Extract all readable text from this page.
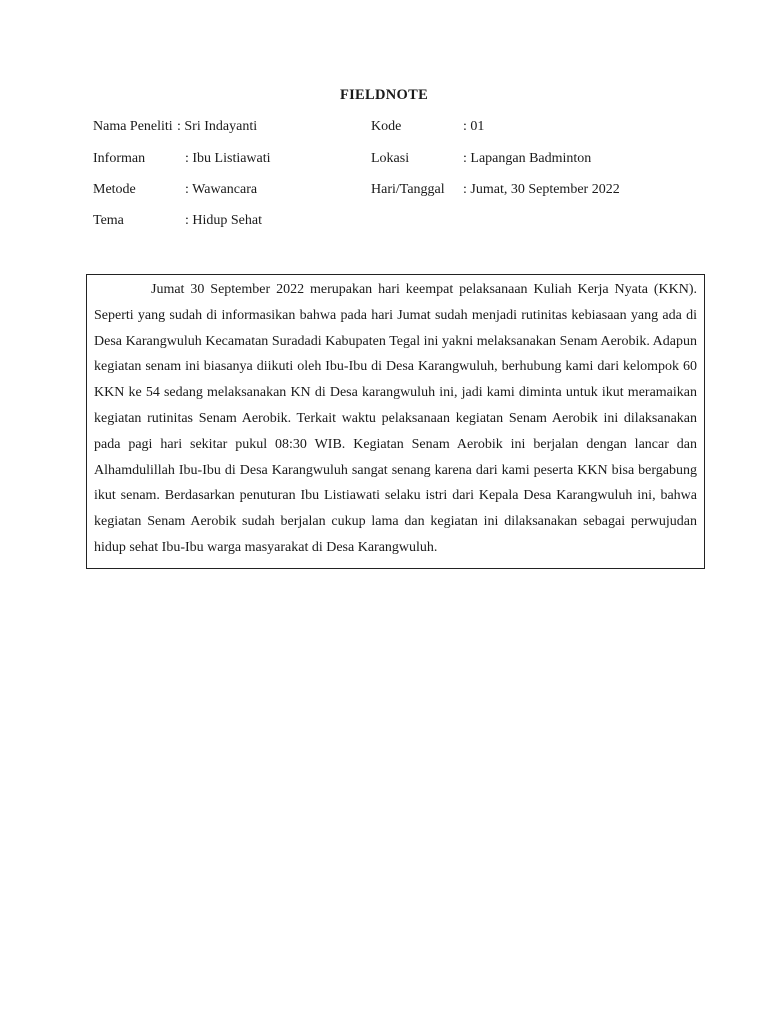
FIELDNOTE
Nama Peneliti : Sri Indayanti	Kode	: 01
Informan	: Ibu Listiawati	Lokasi	: Lapangan Badminton
Metode	: Wawancara	Hari/Tanggal : Jumat, 30 September 2022
Tema	: Hidup Sehat

Jumat 30 September 2022 merupakan hari keempat pelaksanaan Kuliah Kerja Nyata (KKN). Seperti yang sudah di informasikan bahwa pada hari Jumat sudah menjadi rutinitas kebiasaan yang ada di Desa Karangwuluh Kecamatan Suradadi Kabupaten Tegal ini yakni melaksanakan Senam Aerobik. Adapun kegiatan senam ini biasanya diikuti oleh Ibu-Ibu di Desa Karangwuluh, berhubung kami dari kelompok 60 KKN ke 54 sedang melaksanakan KN di Desa karangwuluh ini, jadi kami diminta untuk ikut meramaikan kegiatan rutinitas Senam Aerobik. Terkait waktu pelaksanaan kegiatan Senam Aerobik ini dilaksanakan pada pagi hari sekitar pukul 08:30 WIB. Kegiatan Senam Aerobik ini berjalan dengan lancar dan Alhamdulillah Ibu-Ibu di Desa Karangwuluh sangat senang karena dari kami peserta KKN bisa bergabung ikut senam. Berdasarkan penuturan Ibu Listiawati selaku istri dari Kepala Desa Karangwuluh ini, bahwa kegiatan Senam Aerobik sudah berjalan cukup lama dan kegiatan ini dilaksanakan sebagai perwujudan hidup sehat Ibu-Ibu warga masyarakat di Desa Karangwuluh.
